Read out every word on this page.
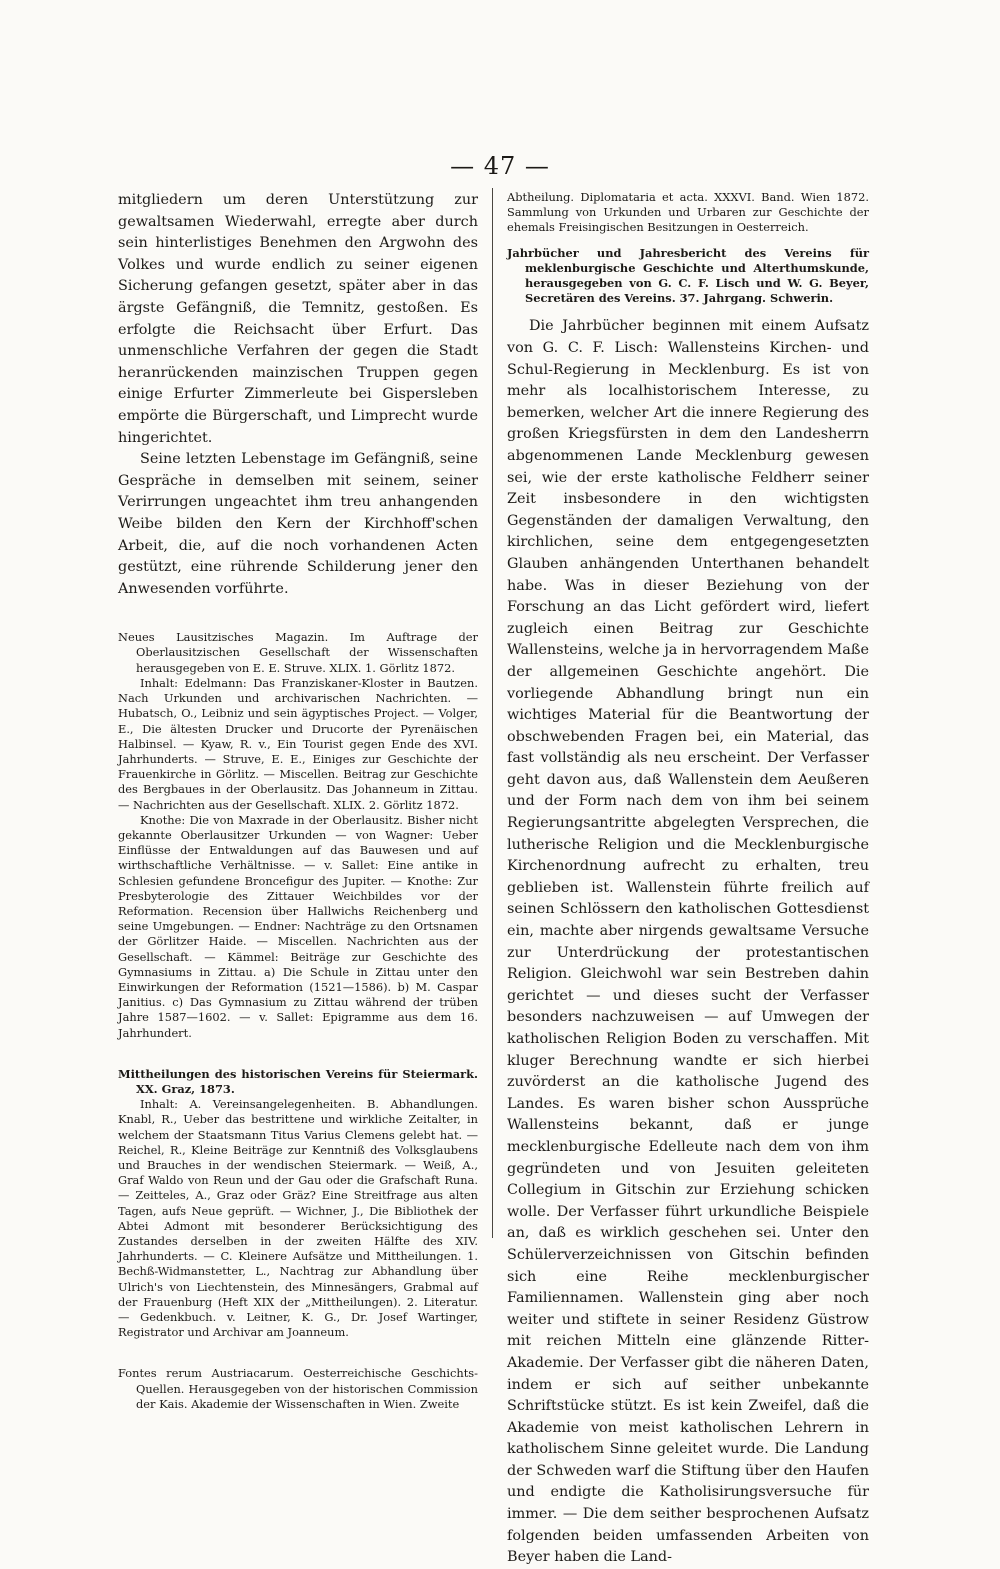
— 47 —

mitgliedern um deren Unterstützung zur gewaltsamen Wiederwahl, erregte aber durch sein hinterlistiges Benehmen den Argwohn des Volkes und wurde endlich zu seiner eigenen Sicherung gefangen gesetzt, später aber in das ärgste Gefängniß, die Temnitz, gestoßen. Es erfolgte die Reichsacht über Erfurt. Das unmenschliche Verfahren der gegen die Stadt heranrückenden mainzischen Truppen gegen einige Erfurter Zimmerleute bei Gispersleben empörte die Bürgerschaft, und Limprecht wurde hingerichtet.

Seine letzten Lebenstage im Gefängniß, seine Gespräche in demselben mit seinem, seiner Verirrungen ungeachtet ihm treu anhangenden Weibe bilden den Kern der Kirchhoff'schen Arbeit, die, auf die noch vorhandenen Acten gestützt, eine rührende Schilderung jener den Anwesenden vorführte.

Neues Lausitzisches Magazin. Im Auftrage der Oberlausitzischen Gesellschaft der Wissenschaften herausgegeben von E. E. Struve. XLIX. 1. Görlitz 1872.

Inhalt: Edelmann: Das Franziskaner-Kloster in Bautzen. Nach Urkunden und archivarischen Nachrichten. — Hubatsch, O., Leibniz und sein ägyptisches Project. — Volger, E., Die ältesten Drucker und Drucorte der Pyrenäischen Halbinsel. — Kyaw, R. v., Ein Tourist gegen Ende des XVI. Jahrhunderts. — Struve, E. E., Einiges zur Geschichte der Frauenkirche in Görlitz. — Miscellen. Beitrag zur Geschichte des Bergbaues in der Oberlausitz. Das Johanneum in Zittau. — Nachrichten aus der Gesellschaft. XLIX. 2. Görlitz 1872.

Knothe: Die von Maxrade in der Oberlausitz. Bisher nicht gekannte Oberlausitzer Urkunden — von Wagner: Ueber Einflüsse der Entwaldungen auf das Bauwesen und auf wirthschaftliche Verhältnisse. — v. Sallet: Eine antike in Schlesien gefundene Broncefigur des Jupiter. — Knothe: Zur Presbyterologie des Zittauer Weichbildes vor der Reformation. Recension über Hallwichs Reichenberg und seine Umgebungen. — Endner: Nachträge zu den Ortsnamen der Görlitzer Haide. — Miscellen. Nachrichten aus der Gesellschaft. — Kämmel: Beiträge zur Geschichte des Gymnasiums in Zittau. a) Die Schule in Zittau unter den Einwirkungen der Reformation (1521—1586). b) M. Caspar Janitius. c) Das Gymnasium zu Zittau während der trüben Jahre 1587—1602. — v. Sallet: Epigramme aus dem 16. Jahrhundert.

Mittheilungen des historischen Vereins für Steiermark. XX. Graz, 1873.

Inhalt: A. Vereinsangelegenheiten. B. Abhandlungen. Knabl, R., Ueber das bestrittene und wirkliche Zeitalter, in welchem der Staatsmann Titus Varius Clemens gelebt hat. — Reichel, R., Kleine Beiträge zur Kenntniß des Volksglaubens und Brauches in der wendischen Steiermark. — Weiß, A., Graf Waldo von Reun und der Gau oder die Grafschaft Runa. — Zeitteles, A., Graz oder Gräz? Eine Streitfrage aus alten Tagen, aufs Neue geprüft. — Wichner, J., Die Bibliothek der Abtei Admont mit besonderer Berücksichtigung des Zustandes derselben in der zweiten Hälfte des XIV. Jahrhunderts. — C. Kleinere Aufsätze und Mittheilungen. 1. Bechß-Widmanstetter, L., Nachtrag zur Abhandlung über Ulrich's von Liechtenstein, des Minnesängers, Grabmal auf der Frauenburg (Heft XIX der „Mittheilungen). 2. Literatur. — Gedenkbuch. v. Leitner, K. G., Dr. Josef Wartinger, Registrator und Archivar am Joanneum.

Fontes rerum Austriacarum. Oesterreichische Geschichts-Quellen. Herausgegeben von der historischen Commission der Kais. Akademie der Wissenschaften in Wien. Zweite

Abtheilung. Diplomataria et acta. XXXVI. Band. Wien 1872. Sammlung von Urkunden und Urbaren zur Geschichte der ehemals Freisingischen Besitzungen in Oesterreich.

Jahrbücher und Jahresbericht des Vereins für meklenburgische Geschichte und Alterthumskunde, herausgegeben von G. C. F. Lisch und W. G. Beyer, Secretären des Vereins. 37. Jahrgang. Schwerin.

Die Jahrbücher beginnen mit einem Aufsatz von G. C. F. Lisch: Wallensteins Kirchen- und Schul-Regierung in Mecklenburg. Es ist von mehr als localhistorischem Interesse, zu bemerken, welcher Art die innere Regierung des großen Kriegsfürsten in dem den Landesherrn abgenommenen Lande Mecklenburg gewesen sei, wie der erste katholische Feldherr seiner Zeit insbesondere in den wichtigsten Gegenständen der damaligen Verwaltung, den kirchlichen, seine dem entgegengesetzten Glauben anhängenden Unterthanen behandelt habe. Was in dieser Beziehung von der Forschung an das Licht gefördert wird, liefert zugleich einen Beitrag zur Geschichte Wallensteins, welche ja in hervorragendem Maße der allgemeinen Geschichte angehört. Die vorliegende Abhandlung bringt nun ein wichtiges Material für die Beantwortung der obschwebenden Fragen bei, ein Material, das fast vollständig als neu erscheint. Der Verfasser geht davon aus, daß Wallenstein dem Aeußeren und der Form nach dem von ihm bei seinem Regierungsantritte abgelegten Versprechen, die lutherische Religion und die Mecklenburgische Kirchenordnung aufrecht zu erhalten, treu geblieben ist. Wallenstein führte freilich auf seinen Schlössern den katholischen Gottesdienst ein, machte aber nirgends gewaltsame Versuche zur Unterdrückung der protestantischen Religion. Gleichwohl war sein Bestreben dahin gerichtet — und dieses sucht der Verfasser besonders nachzuweisen — auf Umwegen der katholischen Religion Boden zu verschaffen. Mit kluger Berechnung wandte er sich hierbei zuvörderst an die katholische Jugend des Landes. Es waren bisher schon Aussprüche Wallensteins bekannt, daß er junge mecklenburgische Edelleute nach dem von ihm gegründeten und von Jesuiten geleiteten Collegium in Gitschin zur Erziehung schicken wolle. Der Verfasser führt urkundliche Beispiele an, daß es wirklich geschehen sei. Unter den Schülerverzeichnissen von Gitschin befinden sich eine Reihe mecklenburgischer Familiennamen. Wallenstein ging aber noch weiter und stiftete in seiner Residenz Güstrow mit reichen Mitteln eine glänzende Ritter-Akademie. Der Verfasser gibt die näheren Daten, indem er sich auf seither unbekannte Schriftstücke stützt. Es ist kein Zweifel, daß die Akademie von meist katholischen Lehrern in katholischem Sinne geleitet wurde. Die Landung der Schweden warf die Stiftung über den Haufen und endigte die Katholisirungsversuche für immer. — Die dem seither besprochenen Aufsatz folgenden beiden umfassenden Arbeiten von Beyer haben die Land-
